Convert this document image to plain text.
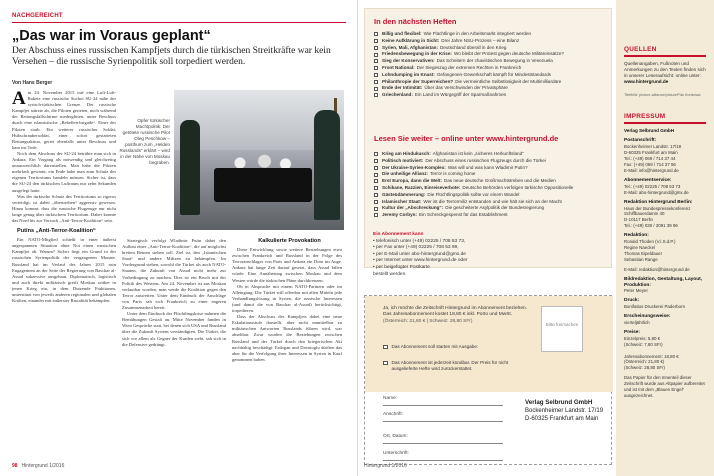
NACHGEREICHT
„Das war im Voraus geplant“
Der Abschuss eines russischen Kampfjets durch die türkischen Streitkräfte war kein Versehen – die russische Syrienpolitik soll torpediert werden.
Von Hans Berger

Am 24. November 2015 traf eine Luft-Luft-Rakete eine russische Suchoi SU-24 nahe der syrisch-türkischen Grenze. Der russische Kampfjet stürzte ab, die Piloten gerieten, noch während der Rettungsfallschirme niederglitten, unter Beschuss durch eine islamistische „Rebellen-brigade“. Einer der Piloten starb. Ein weiterer russischer Soldat, Hubschraubersoldat, einer sofort gestarteten Rettungsaktion, geriet ebenfalls unter Beschuss und kam ins Tode.

Noch dem Abschuss der SU-24 betrübte man sich in Ankara. Ein Vorgang als notwendig und gleichzeitig unausweichlich darzustellen. Man habe die Piloten mehrfach gewarnt, ein Ende habe man zum Schutz des eigenen Territoriums handeln müssen. Sicher ist, dass die SU-24 den türkischen Luftraum nur zehn Sekunden ausgelegt hatte.

Was der türkische Schutz des Territoriums so rigoros verteidigt, ist dabei „übertrieben“ aggressiv gewesen. Hinzu kommt, dass die russische Flugzeuge nur nicht lange genug über türkischem Territorium. Daher konnte das Nord bis zur Versuch „Anti-Terror-Koalition“ sein.

Putins „Anti-Terror-Koalition“

Ein NATO-Mitglied schießt in einer äußerst angespannten Situation ohne Not einen russischen Kampfjet ab. Warum? Sicher liegt ein Grund in der russischen Syrienpolitik der vergangenen Monate. Russland hat im Verlauf des Jahres 2015 sein Engagement an der Seite der Regierung von Baschar al-Assad sukzessive ausgebaut. Diplomatisch, logistisch und auch direkt militärisch greift Moskau seither in jenen Krieg ein, in dem Dutzende Fraktionen, unterstützt von jeweils anderen regionalen und globalen Kräften, einander mit äußerster Brutalität bekämpfen.

Opfer türkischer Machtpolitik: Der getötete russische Pilot Oleg Peschkow – posthum zum „Helden Russlands“ erklärt – wird in der Nähe von Moskau begraben.

Strategisch verfolgt Wladimir Putin dabei den Aufbau einer „Anti-Terror-Koalition“, die auf möglichst breiten Beinen stehen soll. Ziel ist, den „Islamischen Staat“ und andere Milizen zu bekämpfen. Im Vordergrund stehen, sowohl die Türkei als auch NATO-Staaten, die Zukunft von Assad nicht mehr zur Vorbedingung zu machen. Dies ist ein Bruch mit der Politik des Westens. Am 24. November ist aus Moskau verlautbar worden, man werde die Koalition gegen den Terror ausweiten. Unter dem Eindruck der Anschläge von Paris sah sich Frankreich zu einer engeren Zusammenarbeit bereit.

Unter dem Eindruck der Flüchtlingskrise nahmen die Bemühungen Gestalt an. Mitte November fanden in Wien Gespräche statt, bei denen sich USA und Russland über die Zukunft Syriens verständigten. Die Türkei, die sich vor allem als Gegner der Kurden sieht, sah sich in die Defensive gedrängt.

Kalkulierte Provokation

Diese Entwicklung sowie weitere Bestrebungen etwa zwischen Frankreich und Russland in der Folge des Terroranschlages von Paris und Ankara ein Dorn im Auge. Ankara hat lange Zeit darauf gesetzt, dass Assad fallen würde. Eine Annäherung zwischen Moskau und dem Westen würde die türkischen Pläne durchkreuzen.

Ob in Absprache mit einem NATO-Partnern oder im Alleingang: Die Türkei will offenbar mit allen Mitteln jede Verhandlungslösung in Syrien, die russische Interessen (und damit die von Baschar al-Assad) berücksichtigt, torpedieren.

Dass der Abschuss des Kampfjets dabei eine neue Eskalationsstufe darstellt, aber nicht unmittelbar zu militärischen Antworten Russlands führen wird, war absehbar. Zwar wurden die Beziehungen zwischen Russland und der Türkei durch den kriegerischen Akt nachhaltig beschädigt. Erdogan und Davutoglu dürften das aber für die Verfolgung ihrer Interessen in Syrien in Kauf genommen haben.

98 Hintergrund 1/2016
In den nächsten Heften
Billig und flexibel: Wie Flüchtlinge in den Arbeitsmarkt integriert werden
Keine Aufklärung in Sicht: Drei Jahre NSU-Prozess – eine Bilanz
Syrien, Mali, Afghanistan: Deutschland überall in den Krieg
Friedensbewegung in der Krise: Wo bleibt der Protest gegen deutsche Militäreinsätze?
Sieg der Konservativen: Das Scheitern der chavistischen Bewegung in Venezuela
Front National: Der Siegeszug der extremen Rechten in Frankreich
Lohndumping im Knast: Gefangenen-Gewerkschaft kämpft für Mindeststandards
Philanthropie der Superreichen? Die vermeintliche Selbstlosigkeit der Multimilliardäre
Ende der Intimität: Über das Verschwinden der Privatsphäre
Griechenland: Ein Land im Würgegriff der Sparmaßnahmen
Lesen Sie weiter – online unter www.hintergrund.de
Krieg am Hindukusch: Afghanistan ist kein „sicheres Herkunftsland“
Politisch motiviert: Der Abschuss eines russischen Flugzeugs durch die Türkei
Der Ukraine-Syrien-Komplex: Was will und was kann Wladimir Putin?
Die unheilige Allianz: Terror is coming home
Erst Europa, dann die Welt: Das neue deutsche Großmachtstreben und die Medien
Schikane, Razzien, Einreiseverbote: Deutsche Behörden verfolgen türkische Oppositionelle
Gästeüdämmerung: Die Flüchtlingspolitik sollte vor einem Wandel
Islamischer Staat: Wer ist die Terrormiliz entstanden und wie hält sie sich an der Macht
Kultur der „Abschreckung“: Die gescheiterte Asylpolitik der Bundesregierung
Jeremy Corbyn: Ein Schreckgespenst für das Establishment
Ein Abonnement kann
• telefonisch unter (+49) 02225 / 708 53 73,
• per Fax unter (+49) 02225 / 708 53 99,
• per E-Mail unter abo-hintergrund@gmx.de
• per Internet unter www.hintergrund.de oder
• per beigefügter Postkarte
bestellt werden.
Ja, ich möchte die Zeitschrift Hintergrund im Abonnement beziehen. Das Jahresabonnement kostet 18,80 € inkl. Porto und MwSt.
(Österreich: 21,80 € | Schweiz: 28,80 SFr)
Bitte freimachen
Das Abonnement soll starten mit Ausgabe:
Das Abonnement ist jederzeit kündbar. Der Preis für nicht ausgelieferte Hefte wird zurückerstattet.
Name:
Anschrift:
Ort, Datum:
Unterschrift:
Verlag Selbrund GmbH
Bockenheimer Landstr. 17/19
D-60325 Frankfurt am Main
Hintergrund 1/2016
QUELLEN
Quellenangaben, Fußnoten und Anmerkungen zu den Texten finden sich in unserer Leseraufsicht: online unter: www.hintergrund.de
Titelbild: picture-alliance/picturePda Konkowa
IMPRESSUM
Verlag Selbrund GmbH
Postanschrift:
Bockenheimer Landstr. 17/19
D-60325 Frankfurt am Main
Tel.: (+49) 069 / 714 37 44
Fax: (+49) 069 / 714 37 56
E-Mail: info@hintergrund.de
Abonnementservice:
Tel.: (+49) 02225 / 708 53 73
E-Mail: abo-hintergrund@gmx.de
Redaktion Hintergrund Berlin:
Haus der Bundespressekonferenz
Schiffbauerdamm 40
D-10117 Berlin
Tel.: (+49) 030 / 2091 39 96
Redaktion:
Ronald Thoden (V.i.S.d.P.)
Regine Naeckel
Thomas Eipeldauer
Sebastian Range
E-Mail: redaktion@hintergrund.de
Bildredaktion, Gestaltung, Layout, Produktion:
Peter Meyer
Druck:
Bonifatius Druckerei Paderborn
Erscheinungsweise:
vierteljährlich
Preise:
Einzelpreis: 5,80 €
(Schweiz: 7,80 SFr)

Jahresabonnement: 18,80 €
(Österreich: 21,80 €)
(Schweiz: 28,80 SFr)
Das Papier für den Innenteil dieser Zeitschrift wurde aus Altpapier aufbereitet und ist mit dem „Blauen Engel“ ausgezeichnet.
